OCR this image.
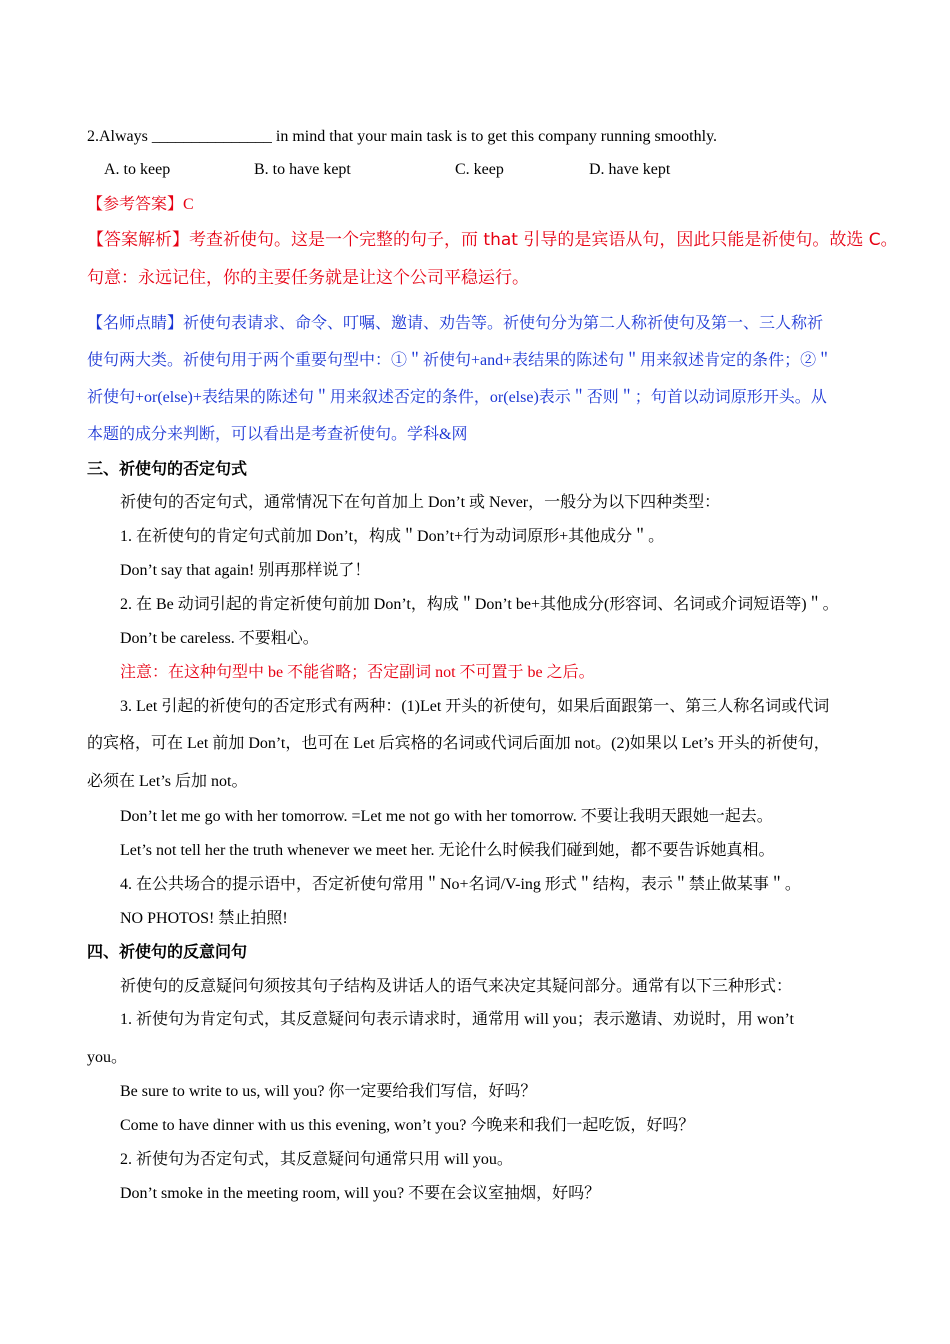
2.Always _______________ in mind that your main task is to get this company running smoothly.
A. to keep	B. to have kept	C. keep	D. have kept
【参考答案】C
【答案解析】考查祈使句。这是一个完整的句子，而 that 引导的是宾语从句，因此只能是祈使句。故选 C。
句意：永远记住，你的主要任务就是让这个公司平稳运行。
【名师点睛】祈使句表请求、命令、叮嘱、邀请、劝告等。祈使句分为第二人称祈使句及第一、三人称祈
使句两大类。祈使句用于两个重要句型中：①＂祈使句+and+表结果的陈述句＂用来叙述肯定的条件；②＂
祈使句+or(else)+表结果的陈述句＂用来叙述否定的条件，or(else)表示＂否则＂；句首以动词原形开头。从
本题的成分来判断，可以看出是考查祈使句。学科&网
三、祈使句的否定句式
祈使句的否定句式，通常情况下在句首加上 Don’t 或 Never，一般分为以下四种类型：
1. 在祈使句的肯定句式前加 Don’t，构成＂Don’t+行为动词原形+其他成分＂。
Don’t say that again! 别再那样说了！
2. 在 Be 动词引起的肯定祈使句前加 Don’t，构成＂Don’t be+其他成分(形容词、名词或介词短语等)＂。
Don’t be careless. 不要粗心。
注意：在这种句型中 be 不能省略；否定副词 not 不可置于 be 之后。
3. Let 引起的祈使句的否定形式有两种：(1)Let 开头的祈使句，如果后面跟第一、第三人称名词或代词
的宾格，可在 Let 前加 Don’t，也可在 Let 后宾格的名词或代词后面加 not。(2)如果以 Let’s 开头的祈使句，
必须在 Let’s 后加 not。
Don’t let me go with her tomorrow. =Let me not go with her tomorrow. 不要让我明天跟她一起去。
Let’s not tell her the truth whenever we meet her. 无论什么时候我们碰到她，都不要告诉她真相。
4. 在公共场合的提示语中，否定祈使句常用＂No+名词/V-ing 形式＂结构，表示＂禁止做某事＂。
NO PHOTOS! 禁止拍照!
四、祈使句的反意问句
祈使句的反意疑问句须按其句子结构及讲话人的语气来决定其疑问部分。通常有以下三种形式：
1. 祈使句为肯定句式，其反意疑问句表示请求时，通常用 will you；表示邀请、劝说时，用 won’t
you。
Be sure to write to us, will you? 你一定要给我们写信，好吗？
Come to have dinner with us this evening, won’t you? 今晚来和我们一起吃饭，好吗？
2. 祈使句为否定句式，其反意疑问句通常只用 will you。
Don’t smoke in the meeting room, will you? 不要在会议室抽烟，好吗？
